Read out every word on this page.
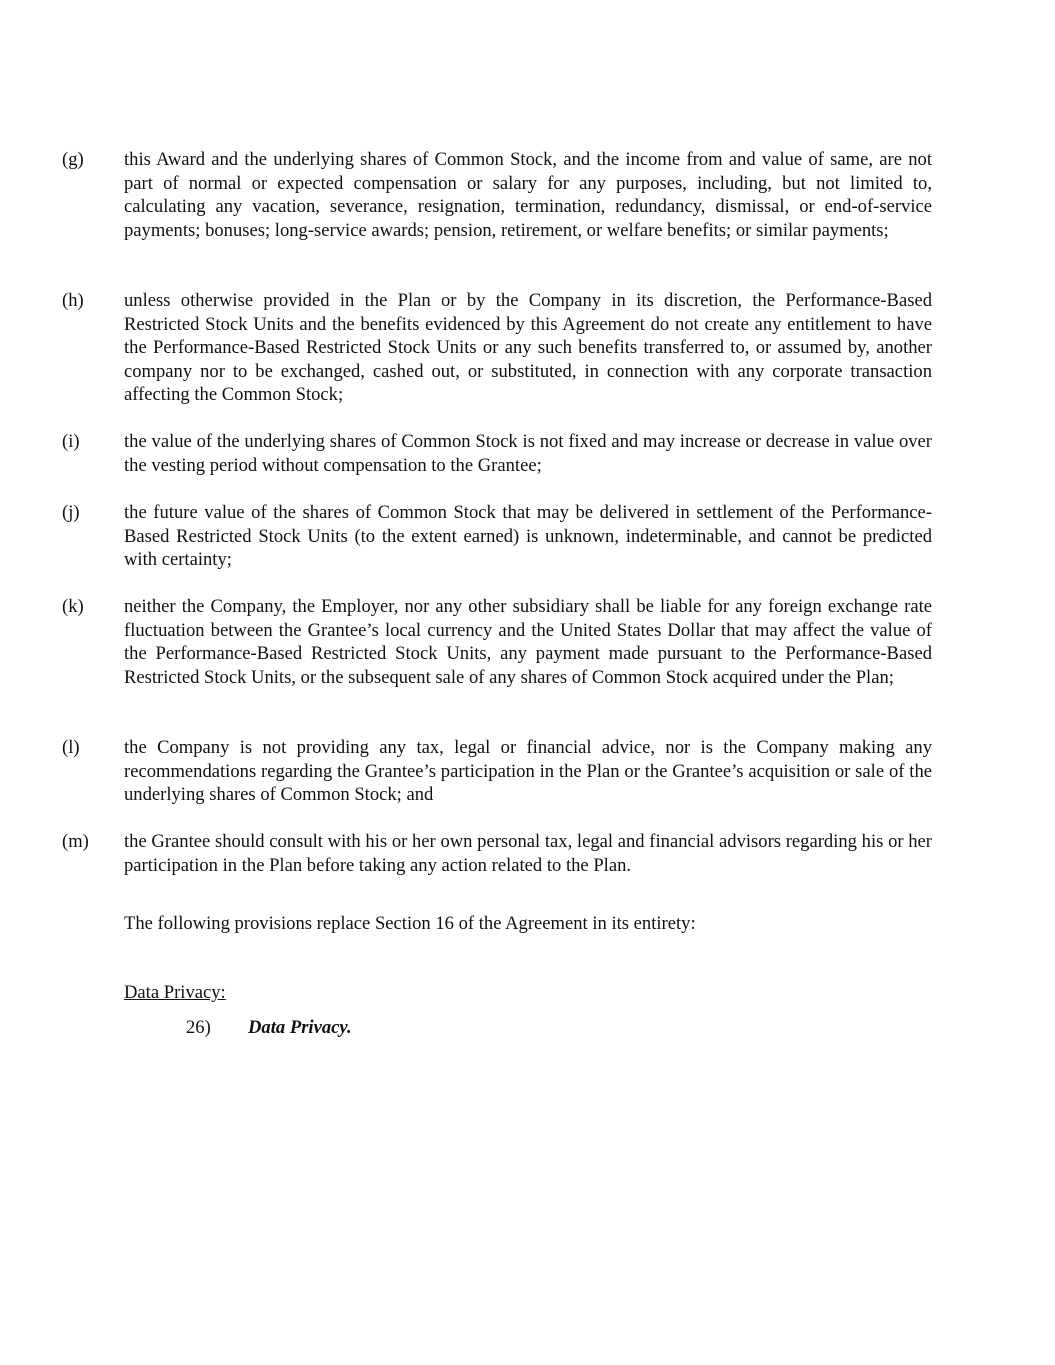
(g)	this Award and the underlying shares of Common Stock, and the income from and value of same, are not part of normal or expected compensation or salary for any purposes, including, but not limited to, calculating any vacation, severance, resignation, termination, redundancy, dismissal, or end-of-service payments; bonuses; long-service awards; pension, retirement, or welfare benefits; or similar payments;
(h)	unless otherwise provided in the Plan or by the Company in its discretion, the Performance-Based Restricted Stock Units and the benefits evidenced by this Agreement do not create any entitlement to have the Performance-Based Restricted Stock Units or any such benefits transferred to, or assumed by, another company nor to be exchanged, cashed out, or substituted, in connection with any corporate transaction affecting the Common Stock;
(i)	the value of the underlying shares of Common Stock is not fixed and may increase or decrease in value over the vesting period without compensation to the Grantee;
(j)	the future value of the shares of Common Stock that may be delivered in settlement of the Performance-Based Restricted Stock Units (to the extent earned) is unknown, indeterminable, and cannot be predicted with certainty;
(k)	neither the Company, the Employer, nor any other subsidiary shall be liable for any foreign exchange rate fluctuation between the Grantee’s local currency and the United States Dollar that may affect the value of the Performance-Based Restricted Stock Units, any payment made pursuant to the Performance-Based Restricted Stock Units, or the subsequent sale of any shares of Common Stock acquired under the Plan;
(l)	the Company is not providing any tax, legal or financial advice, nor is the Company making any recommendations regarding the Grantee’s participation in the Plan or the Grantee’s acquisition or sale of the underlying shares of Common Stock; and
(m)	the Grantee should consult with his or her own personal tax, legal and financial advisors regarding his or her participation in the Plan before taking any action related to the Plan.
The following provisions replace Section 16 of the Agreement in its entirety:
Data Privacy:
26)	Data Privacy.
